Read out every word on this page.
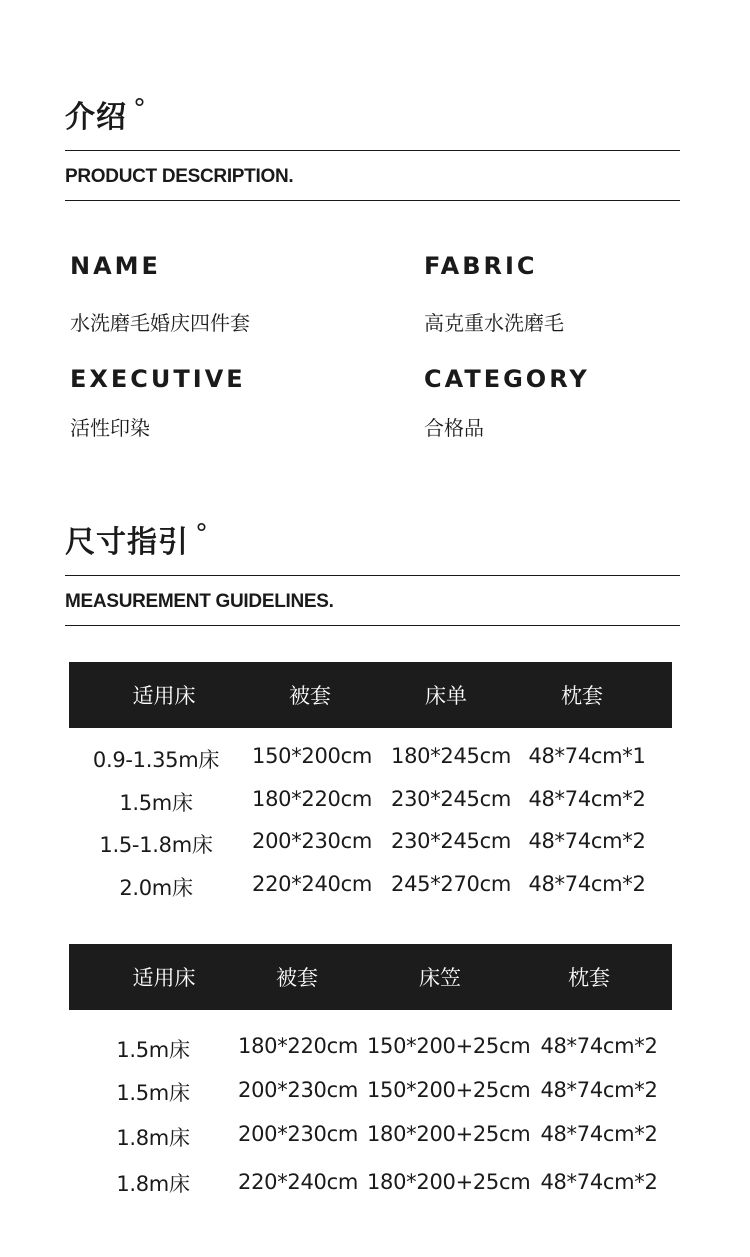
介绍 °
PRODUCT DESCRIPTION.
NAME
水洗磨毛婚庆四件套
FABRIC
高克重水洗磨毛
EXECUTIVE
活性印染
CATEGORY
合格品
尺寸指引 °
MEASUREMENT GUIDELINES.
适用床	被套	床单	枕套
0.9-1.35m床	150*200cm 180*245cm 48*74cm*1
1.5m床	180*220cm 230*245cm 48*74cm*2
1.5-1.8m床	200*230cm 230*245cm 48*74cm*2
2.0m床	220*240cm 245*270cm 48*74cm*2
适用床	被套	床笠	枕套
1.5m床	180*220cm 150*200+25cm 48*74cm*2
1.5m床	200*230cm 150*200+25cm 48*74cm*2
1.8m床	200*230cm 180*200+25cm 48*74cm*2
1.8m床	220*240cm 180*200+25cm 48*74cm*2
